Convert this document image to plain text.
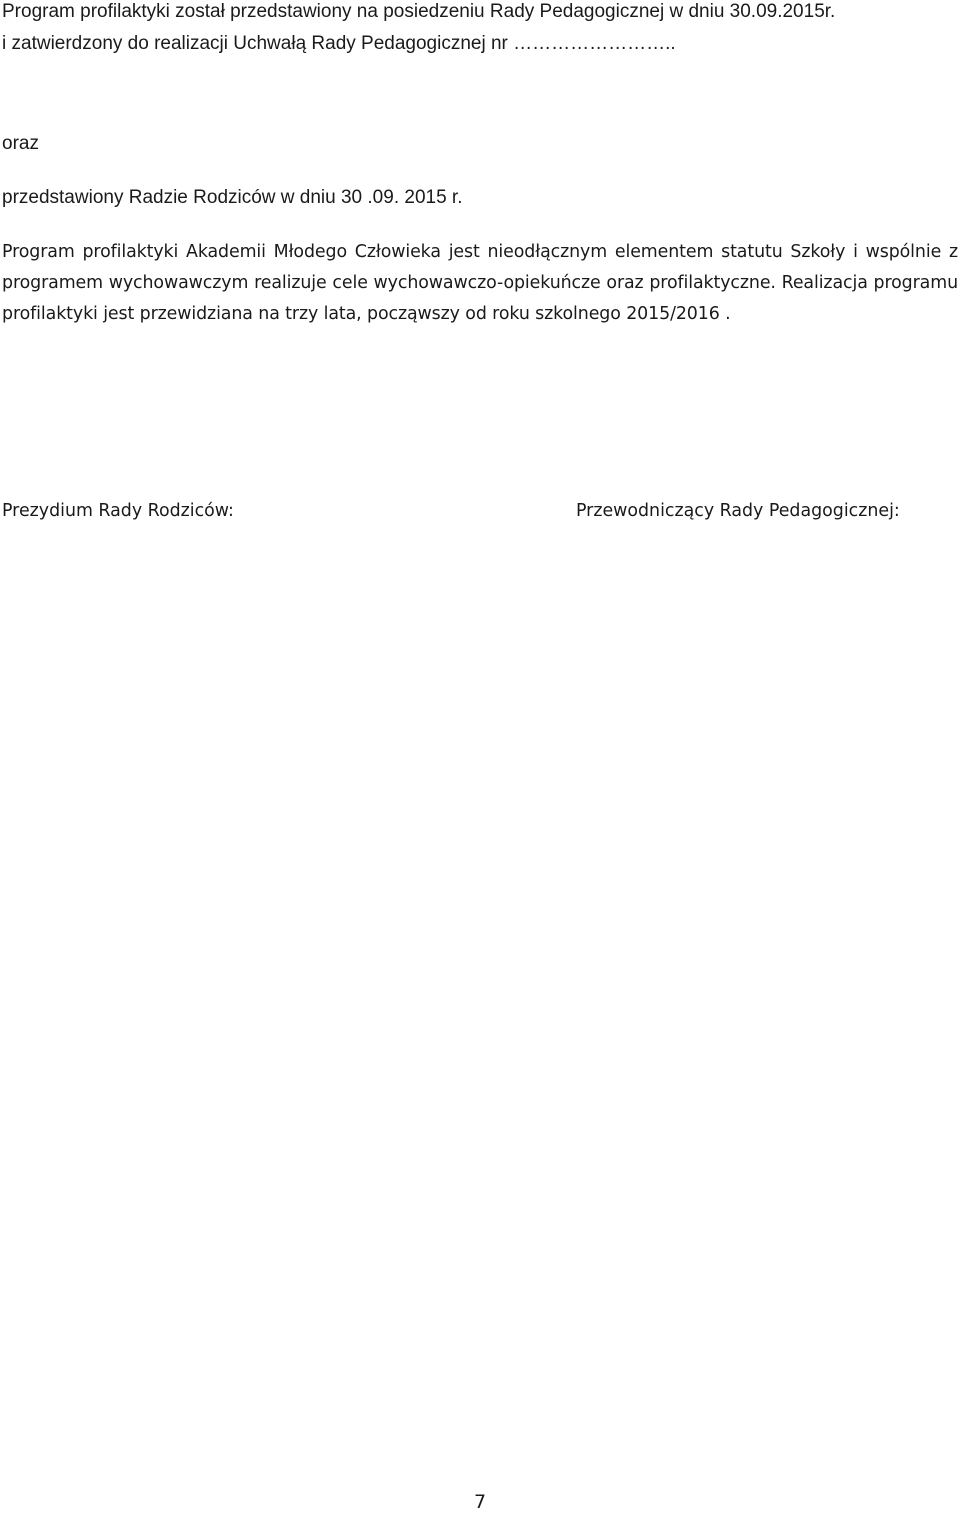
Program profilaktyki został przedstawiony na posiedzeniu Rady Pedagogicznej w dniu 30.09.2015r.
i zatwierdzony do realizacji Uchwałą Rady Pedagogicznej nr ……………………..
oraz
przedstawiony Radzie Rodziców w dniu 30 .09. 2015 r.
Program profilaktyki Akademii Młodego Człowieka jest nieodłącznym elementem statutu Szkoły i wspólnie z programem wychowawczym realizuje cele wychowawczo-opiekuńcze oraz profilaktyczne. Realizacja programu profilaktyki jest przewidziana na trzy lata, począwszy od roku szkolnego 2015/2016 .
Prezydium Rady Rodziców:	Przewodniczący Rady Pedagogicznej:
7
